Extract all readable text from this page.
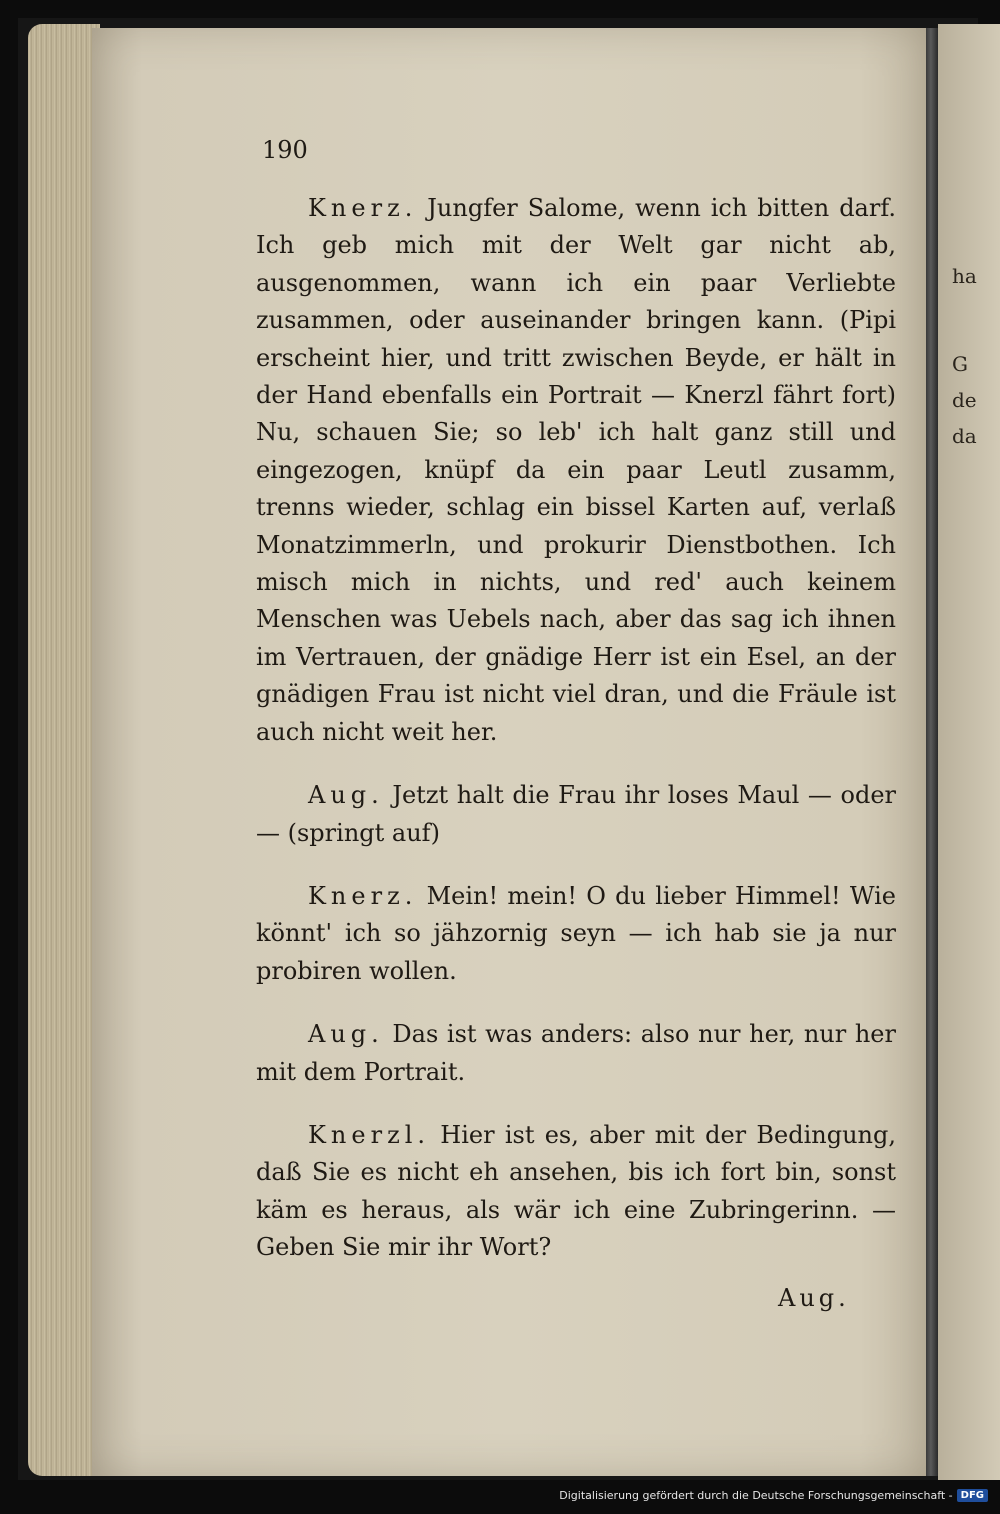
ha
G
de
da
190

Knerz. Jungfer Salome, wenn ich bitten darf. Ich geb mich mit der Welt gar nicht ab, ausgenommen, wann ich ein paar Verliebte zusammen, oder auseinander bringen kann. (Pipi erscheint hier, und tritt zwischen Beyde, er hält in der Hand ebenfalls ein Portrait — Knerzl fährt fort) Nu, schauen Sie; so leb' ich halt ganz still und eingezogen, knüpf da ein paar Leutl zusamm, trenns wieder, schlag ein bissel Karten auf, verlaß Monatzimmerln, und prokurir Dienstbothen. Ich misch mich in nichts, und red' auch keinem Menschen was Uebels nach, aber das sag ich ihnen im Vertrauen, der gnädige Herr ist ein Esel, an der gnädigen Frau ist nicht viel dran, und die Fräule ist auch nicht weit her.

Aug. Jetzt halt die Frau ihr loses Maul — oder — (springt auf)

Knerz. Mein! mein! O du lieber Himmel! Wie könnt' ich so jähzornig seyn — ich hab sie ja nur probiren wollen.

Aug. Das ist was anders: also nur her, nur her mit dem Portrait.

Knerzl. Hier ist es, aber mit der Bedingung, daß Sie es nicht eh ansehen, bis ich fort bin, sonst käm es heraus, als wär ich eine Zubringerinn. — Geben Sie mir ihr Wort?

Aug.
Digitalisierung gefördert durch die Deutsche Forschungsgemeinschaft - DFG
